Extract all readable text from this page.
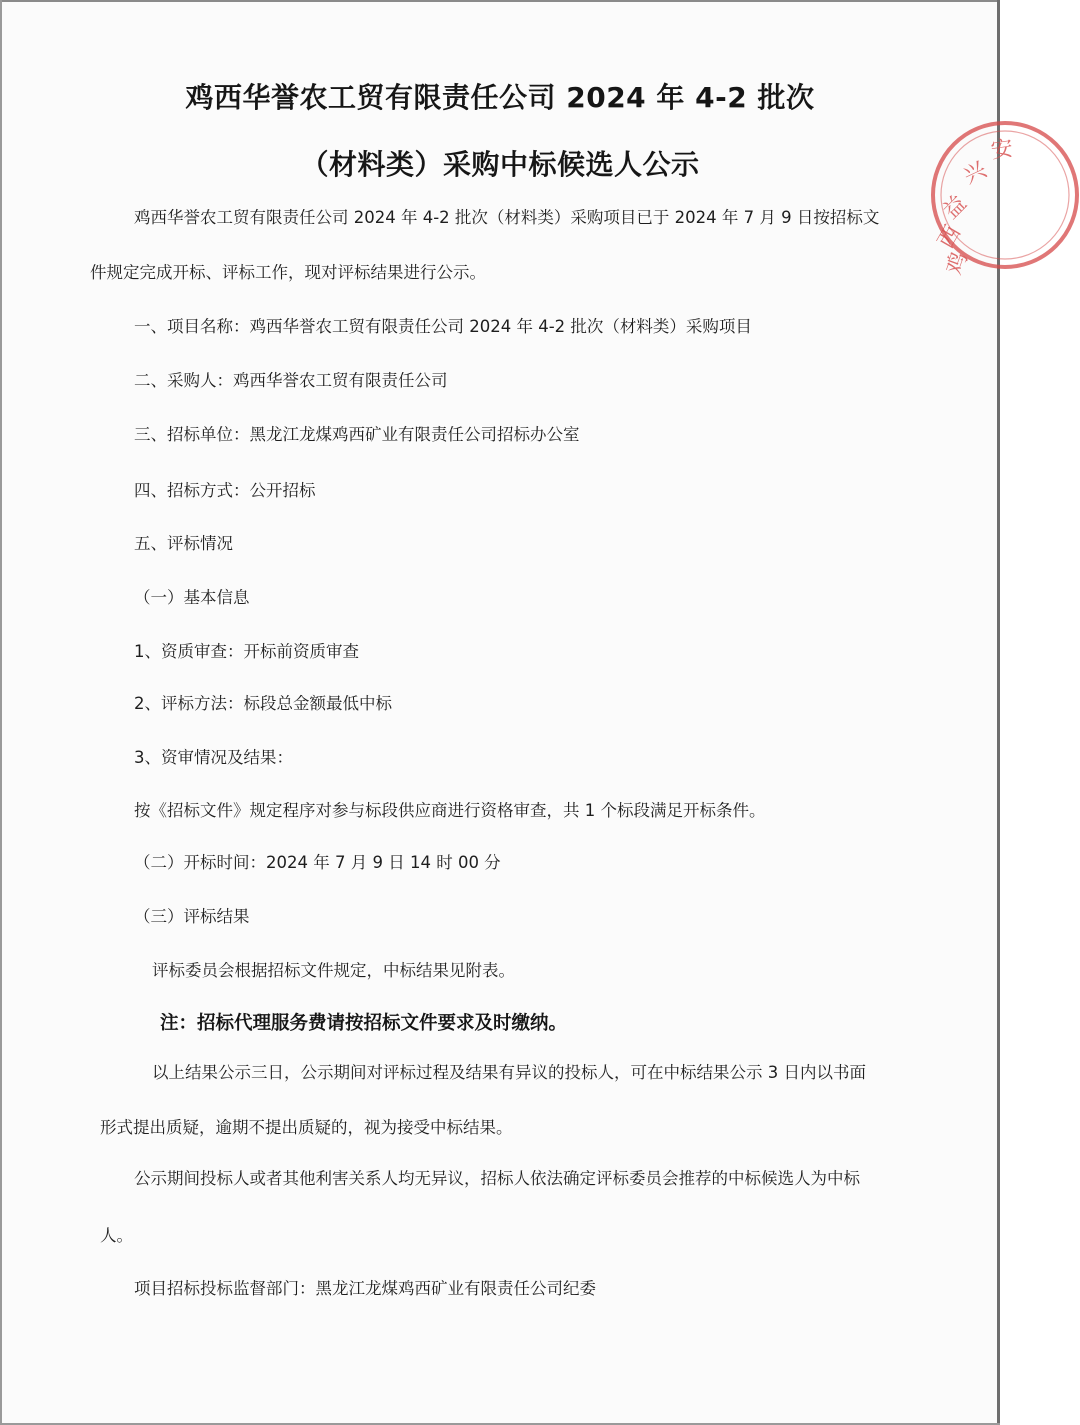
鸡西华誉农工贸有限责任公司 2024 年 4-2 批次
（材料类）采购中标候选人公示
鸡西华誉农工贸有限责任公司 2024 年 4-2 批次（材料类）采购项目已于 2024 年 7 月 9 日按招标文
件规定完成开标、评标工作，现对评标结果进行公示。
一、项目名称：鸡西华誉农工贸有限责任公司 2024 年 4-2 批次（材料类）采购项目
二、采购人：鸡西华誉农工贸有限责任公司
三、招标单位：黑龙江龙煤鸡西矿业有限责任公司招标办公室
四、招标方式：公开招标
五、评标情况
（一）基本信息
1、资质审查：开标前资质审查
2、评标方法：标段总金额最低中标
3、资审情况及结果：
按《招标文件》规定程序对参与标段供应商进行资格审查，共 1 个标段满足开标条件。
（二）开标时间：2024 年 7 月 9 日 14 时 00 分
（三）评标结果
评标委员会根据招标文件规定，中标结果见附表。
注：招标代理服务费请按招标文件要求及时缴纳。
以上结果公示三日，公示期间对评标过程及结果有异议的投标人，可在中标结果公示 3 日内以书面
形式提出质疑，逾期不提出质疑的，视为接受中标结果。
公示期间投标人或者其他利害关系人均无异议，招标人依法确定评标委员会推荐的中标候选人为中标
人。
项目招标投标监督部门：黑龙江龙煤鸡西矿业有限责任公司纪委
鸡
西
益
兴
安
